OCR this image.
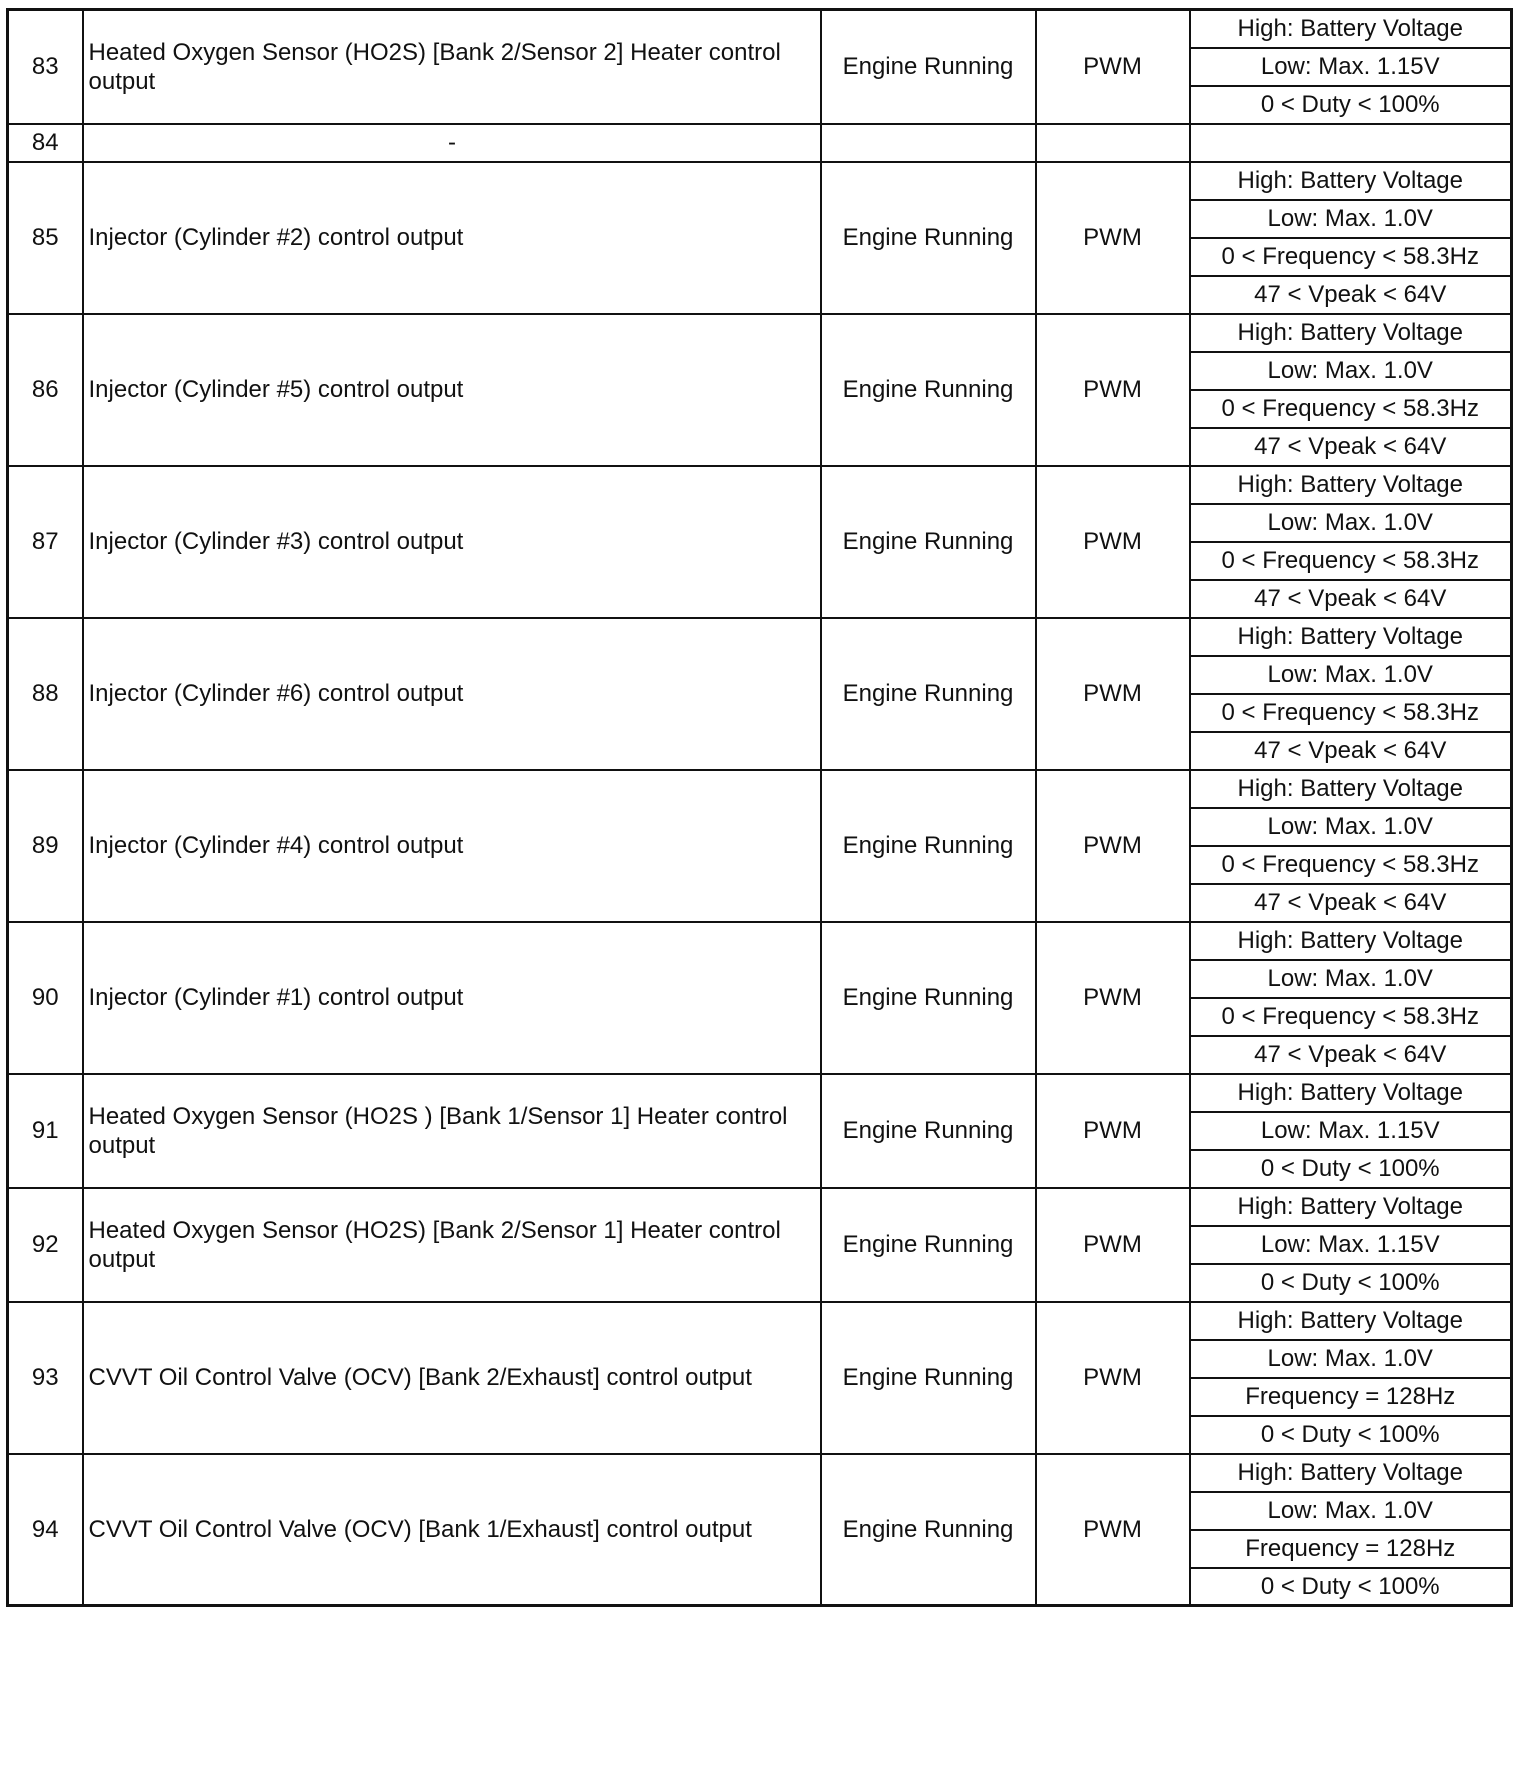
83	Heated Oxygen Sensor (HO2S) [Bank 2/Sensor 2] Heater control output	Engine Running	PWM	High: Battery Voltage
				Low: Max. 1.15V
				0 < Duty < 100%
84	-			
85	Injector (Cylinder #2) control output	Engine Running	PWM	High: Battery Voltage
				Low: Max. 1.0V
				0 < Frequency < 58.3Hz
				47 < Vpeak < 64V
86	Injector (Cylinder #5) control output	Engine Running	PWM	High: Battery Voltage
				Low: Max. 1.0V
				0 < Frequency < 58.3Hz
				47 < Vpeak < 64V
87	Injector (Cylinder #3) control output	Engine Running	PWM	High: Battery Voltage
				Low: Max. 1.0V
				0 < Frequency < 58.3Hz
				47 < Vpeak < 64V
88	Injector (Cylinder #6) control output	Engine Running	PWM	High: Battery Voltage
				Low: Max. 1.0V
				0 < Frequency < 58.3Hz
				47 < Vpeak < 64V
89	Injector (Cylinder #4) control output	Engine Running	PWM	High: Battery Voltage
				Low: Max. 1.0V
				0 < Frequency < 58.3Hz
				47 < Vpeak < 64V
90	Injector (Cylinder #1) control output	Engine Running	PWM	High: Battery Voltage
				Low: Max. 1.0V
				0 < Frequency < 58.3Hz
				47 < Vpeak < 64V
91	Heated Oxygen Sensor (HO2S ) [Bank 1/Sensor 1] Heater control output	Engine Running	PWM	High: Battery Voltage
				Low: Max. 1.15V
				0 < Duty < 100%
92	Heated Oxygen Sensor (HO2S) [Bank 2/Sensor 1] Heater control output	Engine Running	PWM	High: Battery Voltage
				Low: Max. 1.15V
				0 < Duty < 100%
93	CVVT Oil Control Valve (OCV) [Bank 2/Exhaust] control output	Engine Running	PWM	High: Battery Voltage
				Low: Max. 1.0V
				Frequency = 128Hz
				0 < Duty < 100%
94	CVVT Oil Control Valve (OCV) [Bank 1/Exhaust] control output	Engine Running	PWM	High: Battery Voltage
				Low: Max. 1.0V
				Frequency = 128Hz
				0 < Duty < 100%
